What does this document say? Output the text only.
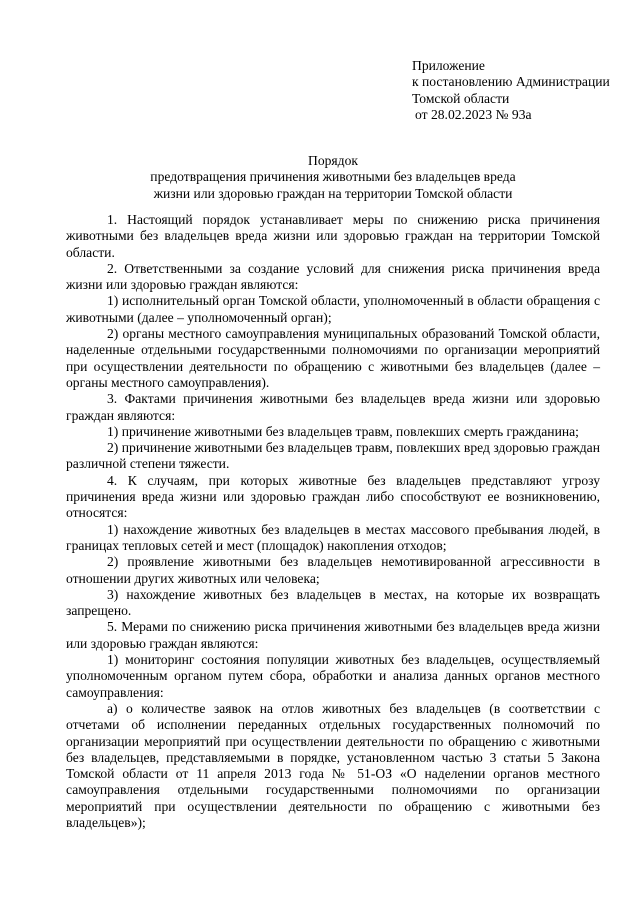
Приложение
к постановлению Администрации
Томской области
от 28.02.2023 № 93а
Порядок
предотвращения причинения животными без владельцев вреда
жизни или здоровью граждан на территории Томской области

1. Настоящий порядок устанавливает меры по снижению риска причинения животными без владельцев вреда жизни или здоровью граждан на территории Томской области.

2. Ответственными за создание условий для снижения риска причинения вреда жизни или здоровью граждан являются:

1) исполнительный орган Томской области, уполномоченный в области обращения с животными (далее – уполномоченный орган);

2) органы местного самоуправления муниципальных образований Томской области, наделенные отдельными государственными полномочиями по организации мероприятий при осуществлении деятельности по обращению с животными без владельцев (далее – органы местного самоуправления).

3. Фактами причинения животными без владельцев вреда жизни или здоровью граждан являются:

1) причинение животными без владельцев травм, повлекших смерть гражданина;

2) причинение животными без владельцев травм, повлекших вред здоровью граждан различной степени тяжести.

4. К случаям, при которых животные без владельцев представляют угрозу причинения вреда жизни или здоровью граждан либо способствуют ее возникновению, относятся:

1) нахождение животных без владельцев в местах массового пребывания людей, в границах тепловых сетей и мест (площадок) накопления отходов;

2) проявление животными без владельцев немотивированной агрессивности в отношении других животных или человека;

3) нахождение животных без владельцев в местах, на которые их возвращать запрещено.

5. Мерами по снижению риска причинения животными без владельцев вреда жизни или здоровью граждан являются:

1) мониторинг состояния популяции животных без владельцев, осуществляемый уполномоченным органом путем сбора, обработки и анализа данных органов местного самоуправления:

а) о количестве заявок на отлов животных без владельцев (в соответствии с отчетами об исполнении переданных отдельных государственных полномочий по организации мероприятий при осуществлении деятельности по обращению с животными без владельцев, представляемыми в порядке, установленном частью 3 статьи 5 Закона Томской области от 11 апреля 2013 года № 51-ОЗ «О наделении органов местного самоуправления отдельными государственными полномочиями по организации мероприятий при осуществлении деятельности по обращению с животными без владельцев»);
